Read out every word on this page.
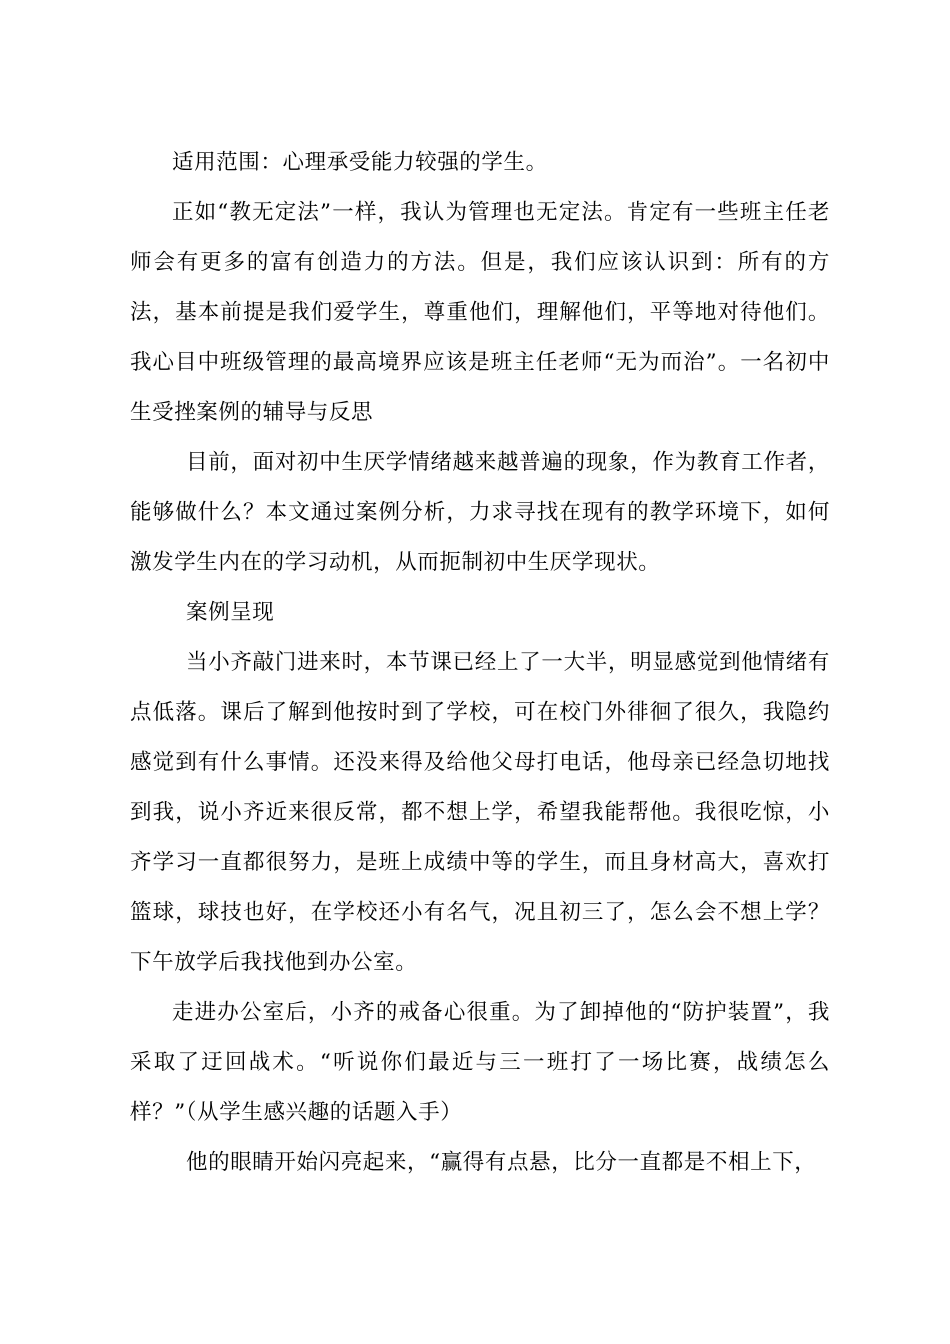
适用范围：心理承受能力较强的学生。

正如“教无定法”一样，我认为管理也无定法。肯定有一些班主任老师会有更多的富有创造力的方法。但是，我们应该认识到：所有的方法，基本前提是我们爱学生，尊重他们，理解他们，平等地对待他们。我心目中班级管理的最高境界应该是班主任老师“无为而治”。一名初中生受挫案例的辅导与反思

目前，面对初中生厌学情绪越来越普遍的现象，作为教育工作者，能够做什么？本文通过案例分析，力求寻找在现有的教学环境下，如何激发学生内在的学习动机，从而扼制初中生厌学现状。

案例呈现

当小齐敲门进来时，本节课已经上了一大半，明显感觉到他情绪有点低落。课后了解到他按时到了学校，可在校门外徘徊了很久，我隐约感觉到有什么事情。还没来得及给他父母打电话，他母亲已经急切地找到我，说小齐近来很反常，都不想上学，希望我能帮他。我很吃惊，小齐学习一直都很努力，是班上成绩中等的学生，而且身材高大，喜欢打篮球，球技也好，在学校还小有名气，况且初三了，怎么会不想上学？下午放学后我找他到办公室。

走进办公室后，小齐的戒备心很重。为了卸掉他的“防护装置”，我采取了迂回战术。“听说你们最近与三一班打了一场比赛，战绩怎么样？”（从学生感兴趣的话题入手）

他的眼睛开始闪亮起来，“赢得有点悬，比分一直都是不相上下，
